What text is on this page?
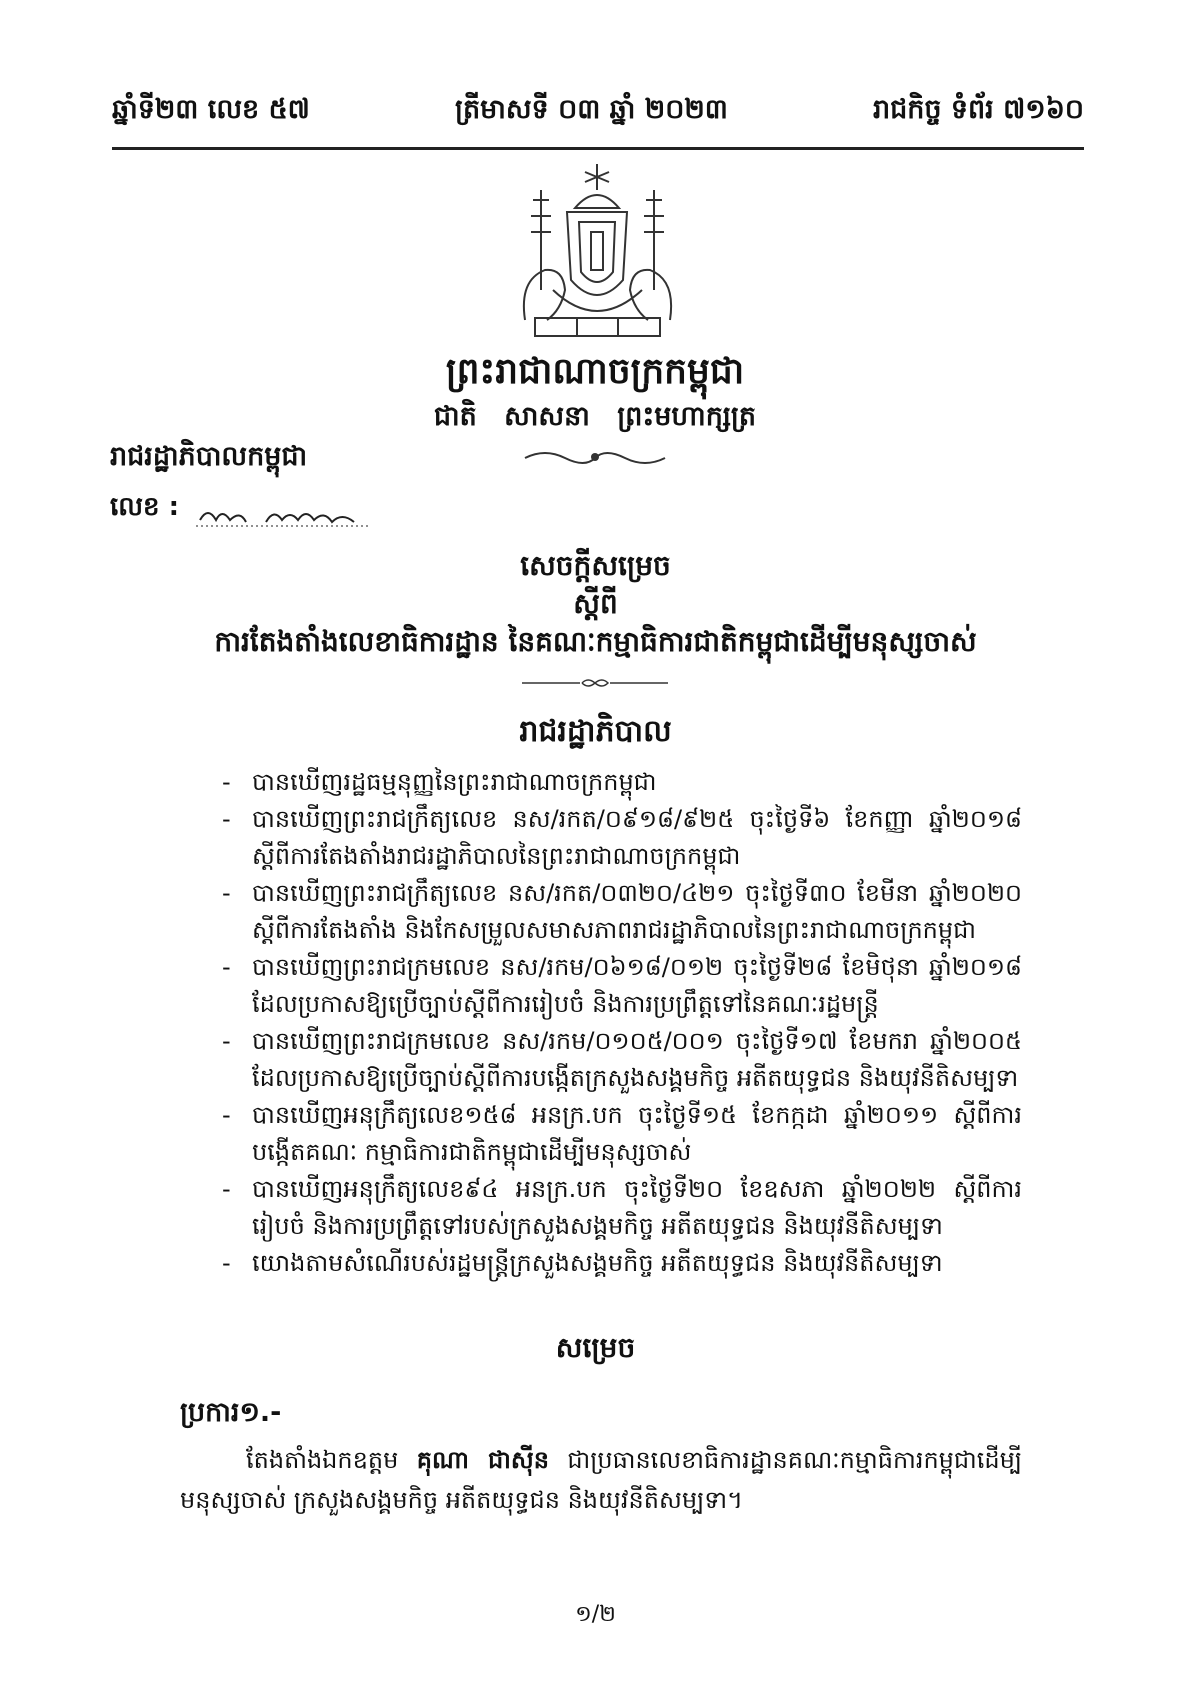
ឆ្នាំទី២៣ លេខ ៥៧	ត្រីមាសទី ០៣ ឆ្នាំ ២០២៣	រាជកិច្ច ទំព័រ ៧១៦០
ព្រះរាជាណាចក្រកម្ពុជា
ជាតិ សាសនា ព្រះមហាក្សត្រ
រាជរដ្ឋាភិបាលកម្ពុជា
លេខ :
សេចក្ដីសម្រេច
ស្ដីពី
ការតែងតាំងលេខាធិការដ្ឋាន នៃគណៈកម្មាធិការជាតិកម្ពុជាដើម្បីមនុស្សចាស់
រាជរដ្ឋាភិបាល
- បានឃើញរដ្ឋធម្មនុញ្ញនៃព្រះរាជាណាចក្រកម្ពុជា
- បានឃើញព្រះរាជក្រឹត្យលេខ នស/រកត/០៩១៨/៩២៥ ចុះថ្ងៃទី៦ ខែកញ្ញា ឆ្នាំ២០១៨ ស្ដីពីការតែងតាំងរាជរដ្ឋាភិបាលនៃព្រះរាជាណាចក្រកម្ពុជា
- បានឃើញព្រះរាជក្រឹត្យលេខ នស/រកត/០៣២០/៤២១ ចុះថ្ងៃទី៣០ ខែមីនា ឆ្នាំ២០២០ ស្ដីពីការតែងតាំង និងកែសម្រួលសមាសភាពរាជរដ្ឋាភិបាលនៃព្រះរាជាណាចក្រកម្ពុជា
- បានឃើញព្រះរាជក្រមលេខ នស/រកម/០៦១៨/០១២ ចុះថ្ងៃទី២៨ ខែមិថុនា ឆ្នាំ២០១៨ ដែលប្រកាសឱ្យប្រើច្បាប់ស្ដីពីការរៀបចំ និងការប្រព្រឹត្តទៅនៃគណៈរដ្ឋមន្ត្រី
- បានឃើញព្រះរាជក្រមលេខ នស/រកម/០១០៥/០០១ ចុះថ្ងៃទី១៧ ខែមករា ឆ្នាំ២០០៥ ដែលប្រកាសឱ្យប្រើច្បាប់ស្ដីពីការបង្កើតក្រសួងសង្គមកិច្ច អតីតយុទ្ធជន និងយុវនីតិសម្បទា
- បានឃើញអនុក្រឹត្យលេខ១៥៨ អនក្រ.បក ចុះថ្ងៃទី១៥ ខែកក្កដា ឆ្នាំ២០១១ ស្ដីពីការបង្កើតគណៈ កម្មាធិការជាតិកម្ពុជាដើម្បីមនុស្សចាស់
- បានឃើញអនុក្រឹត្យលេខ៩៤ អនក្រ.បក ចុះថ្ងៃទី២០ ខែឧសភា ឆ្នាំ២០២២ ស្ដីពីការរៀបចំ និងការប្រព្រឹត្តទៅរបស់ក្រសួងសង្គមកិច្ច អតីតយុទ្ធជន និងយុវនីតិសម្បទា
- យោងតាមសំណើរបស់រដ្ឋមន្ត្រីក្រសួងសង្គមកិច្ច អតីតយុទ្ធជន និងយុវនីតិសម្បទា
សម្រេច
ប្រការ១.-
តែងតាំងឯកឧត្តម គុណា ជាស៊ីន ជាប្រធានលេខាធិការដ្ឋានគណៈកម្មាធិការកម្ពុជាដើម្បីមនុស្សចាស់ ក្រសួងសង្គមកិច្ច អតីតយុទ្ធជន និងយុវនីតិសម្បទា។
១/២
